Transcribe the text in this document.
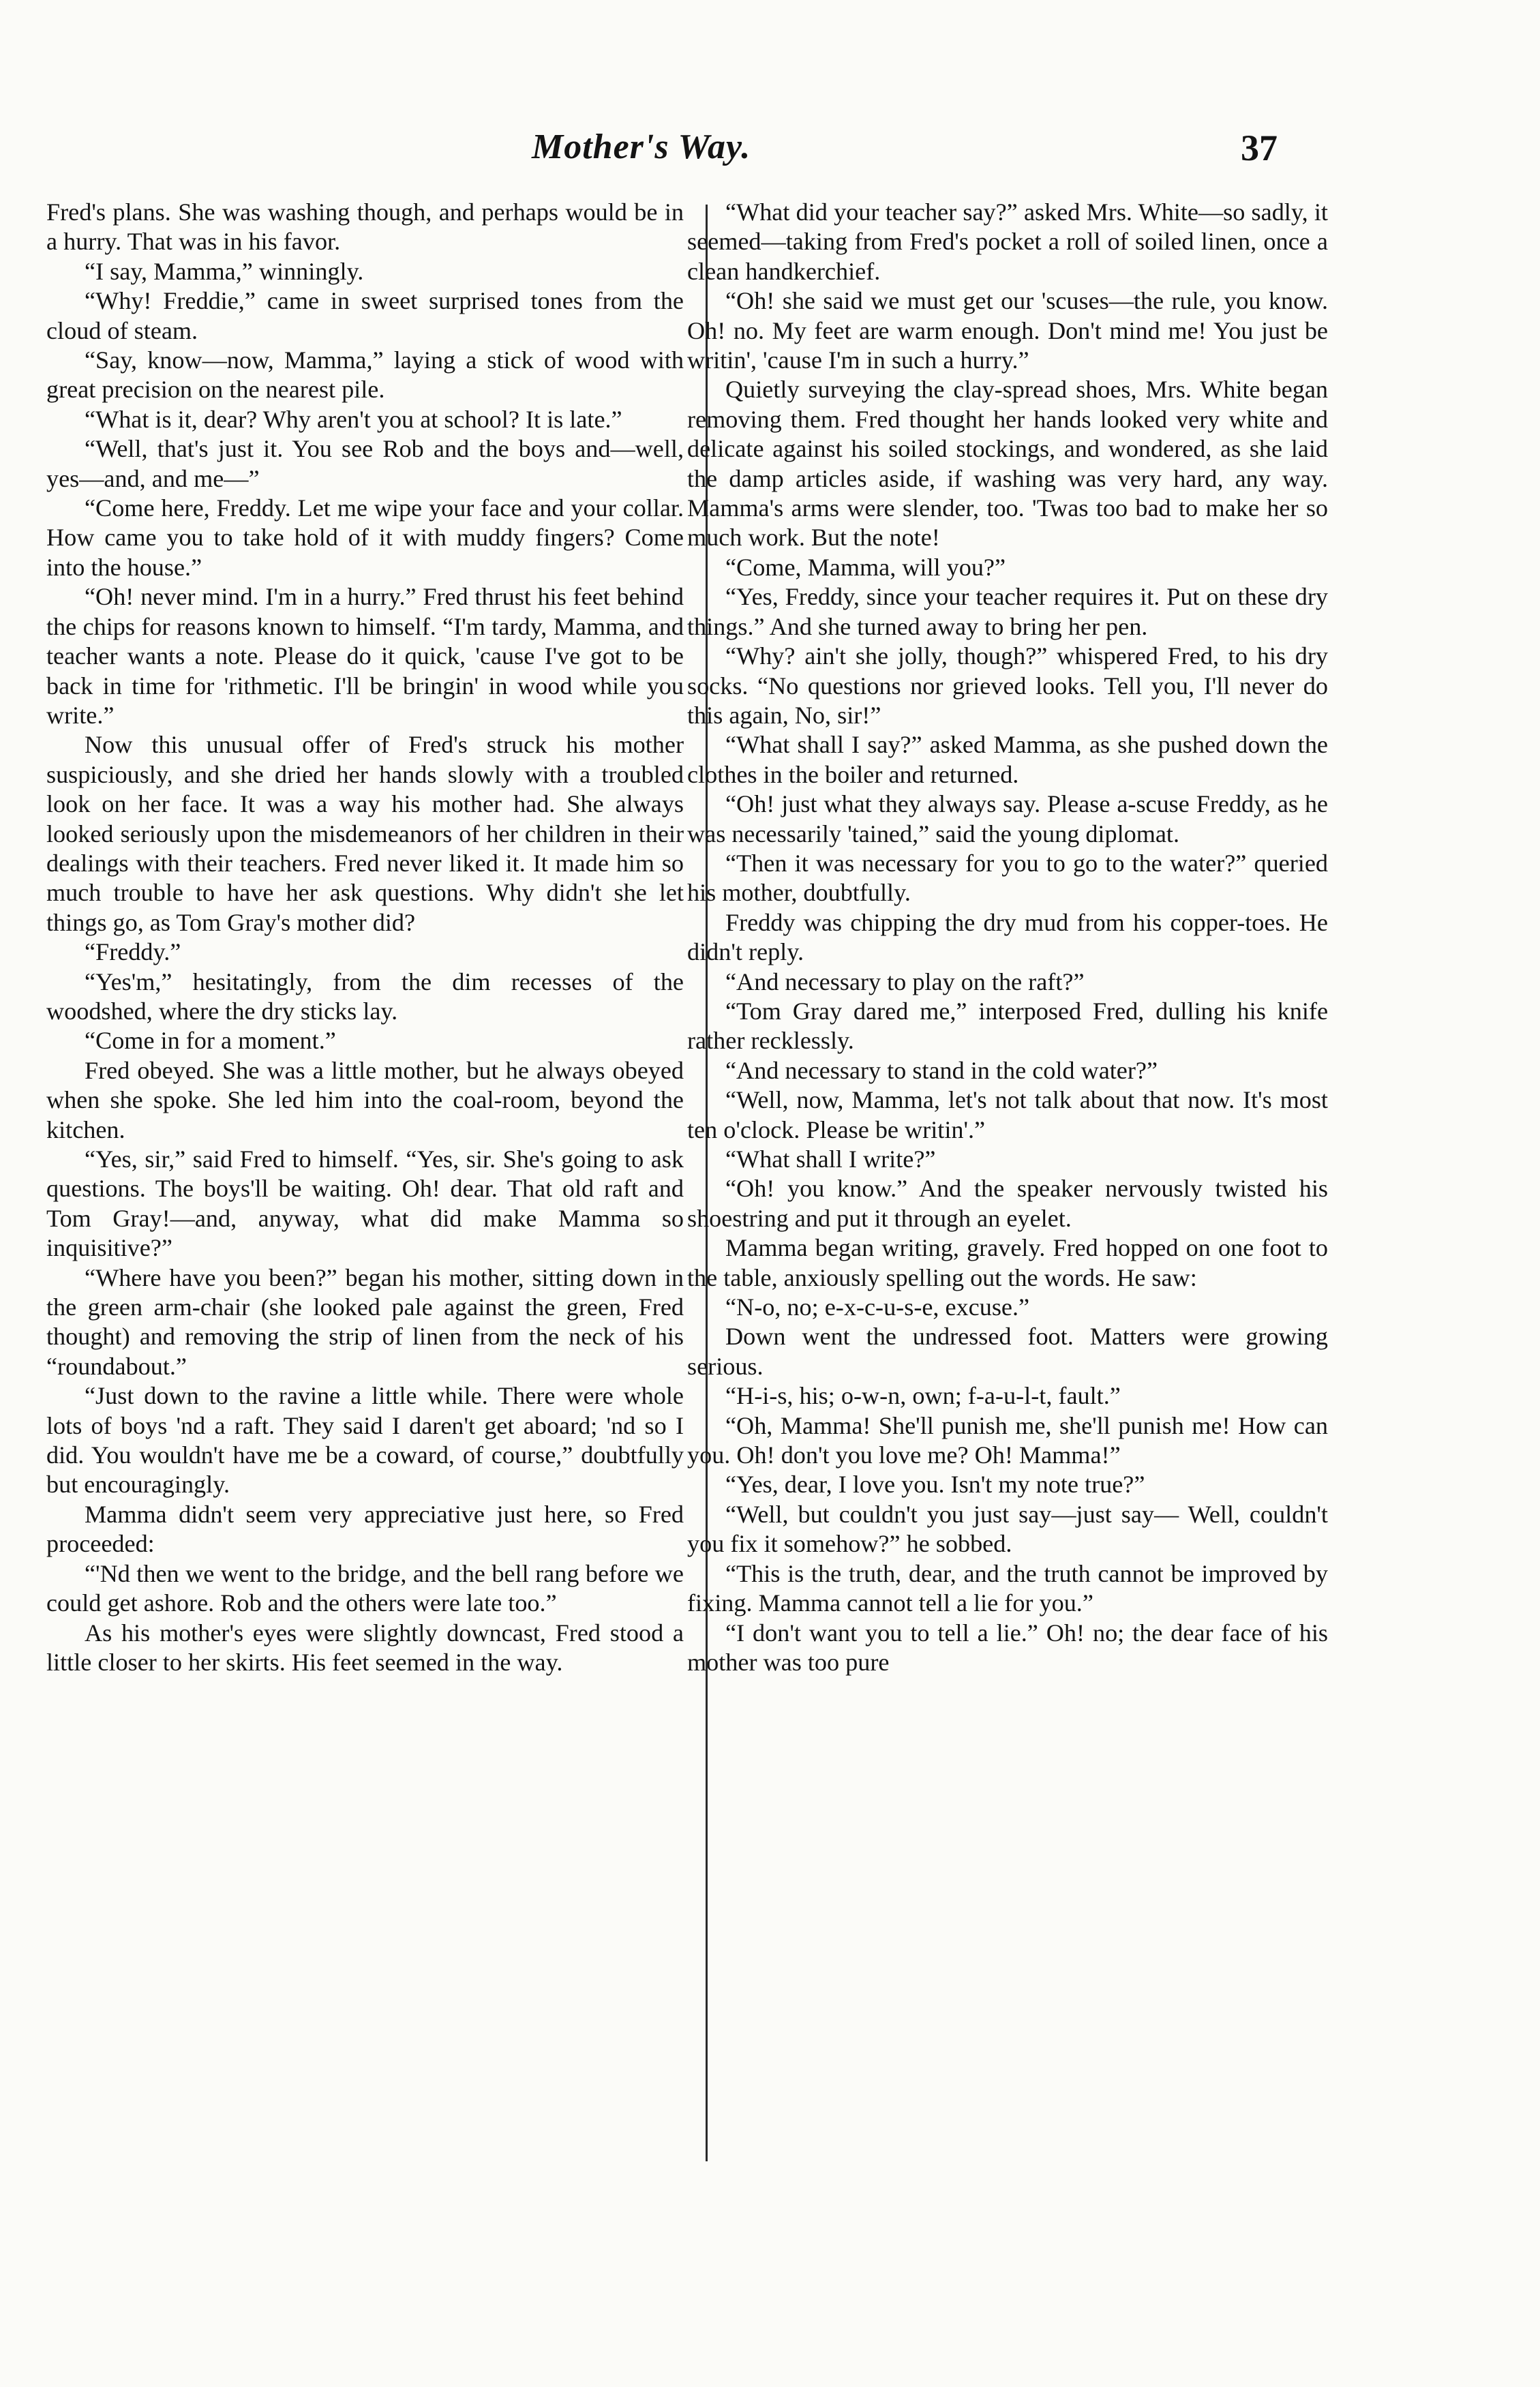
Mother's Way.	37

Fred's plans. She was washing though, and perhaps would be in a hurry. That was in his favor.

“I say, Mamma,” winningly.

“Why! Freddie,” came in sweet surprised tones from the cloud of steam.

“Say, know—now, Mamma,” laying a stick of wood with great precision on the nearest pile.

“What is it, dear? Why aren't you at school? It is late.”

“Well, that's just it. You see Rob and the boys and—well, yes—and, and me—”

“Come here, Freddy. Let me wipe your face and your collar. How came you to take hold of it with muddy fingers? Come into the house.”

“Oh! never mind. I'm in a hurry.” Fred thrust his feet behind the chips for reasons known to himself. “I'm tardy, Mamma, and teacher wants a note. Please do it quick, 'cause I've got to be back in time for 'rithmetic. I'll be bringin' in wood while you write.”

Now this unusual offer of Fred's struck his mother suspiciously, and she dried her hands slowly with a troubled look on her face. It was a way his mother had. She always looked seriously upon the misdemeanors of her children in their dealings with their teachers. Fred never liked it. It made him so much trouble to have her ask questions. Why didn't she let things go, as Tom Gray's mother did?

“Freddy.”

“Yes'm,” hesitatingly, from the dim recesses of the woodshed, where the dry sticks lay.

“Come in for a moment.”

Fred obeyed. She was a little mother, but he always obeyed when she spoke. She led him into the coal-room, beyond the kitchen.

“Yes, sir,” said Fred to himself. “Yes, sir. She's going to ask questions. The boys'll be waiting. Oh! dear. That old raft and Tom Gray!—and, anyway, what did make Mamma so inquisitive?”

“Where have you been?” began his mother, sitting down in the green arm-chair (she looked pale against the green, Fred thought) and removing the strip of linen from the neck of his “roundabout.”

“Just down to the ravine a little while. There were whole lots of boys 'nd a raft. They said I daren't get aboard; 'nd so I did. You wouldn't have me be a coward, of course,” doubtfully but encouragingly.

Mamma didn't seem very appreciative just here, so Fred proceeded:

“'Nd then we went to the bridge, and the bell rang before we could get ashore. Rob and the others were late too.”

As his mother's eyes were slightly downcast, Fred stood a little closer to her skirts. His feet seemed in the way.

“What did your teacher say?” asked Mrs. White—so sadly, it seemed—taking from Fred's pocket a roll of soiled linen, once a clean handkerchief.

“Oh! she said we must get our 'scuses—the rule, you know. Oh! no. My feet are warm enough. Don't mind me! You just be writin', 'cause I'm in such a hurry.”

Quietly surveying the clay-spread shoes, Mrs. White began removing them. Fred thought her hands looked very white and delicate against his soiled stockings, and wondered, as she laid the damp articles aside, if washing was very hard, any way. Mamma's arms were slender, too. 'Twas too bad to make her so much work. But the note!

“Come, Mamma, will you?”

“Yes, Freddy, since your teacher requires it. Put on these dry things.” And she turned away to bring her pen.

“Why? ain't she jolly, though?” whispered Fred, to his dry socks. “No questions nor grieved looks. Tell you, I'll never do this again, No, sir!”

“What shall I say?” asked Mamma, as she pushed down the clothes in the boiler and returned.

“Oh! just what they always say. Please a-scuse Freddy, as he was necessarily 'tained,” said the young diplomat.

“Then it was necessary for you to go to the water?” queried his mother, doubtfully.

Freddy was chipping the dry mud from his copper-toes. He didn't reply.

“And necessary to play on the raft?”

“Tom Gray dared me,” interposed Fred, dulling his knife rather recklessly.

“And necessary to stand in the cold water?”

“Well, now, Mamma, let's not talk about that now. It's most ten o'clock. Please be writin'.”

“What shall I write?”

“Oh! you know.” And the speaker nervously twisted his shoestring and put it through an eyelet.

Mamma began writing, gravely. Fred hopped on one foot to the table, anxiously spelling out the words. He saw:

“N-o, no; e-x-c-u-s-e, excuse.”

Down went the undressed foot. Matters were growing serious.

“H-i-s, his; o-w-n, own; f-a-u-l-t, fault.”

“Oh, Mamma! She'll punish me, she'll punish me! How can you. Oh! don't you love me? Oh! Mamma!”

“Yes, dear, I love you. Isn't my note true?”

“Well, but couldn't you just say—just say— Well, couldn't you fix it somehow?” he sobbed.

“This is the truth, dear, and the truth cannot be improved by fixing. Mamma cannot tell a lie for you.”

“I don't want you to tell a lie.” Oh! no; the dear face of his mother was too pure
